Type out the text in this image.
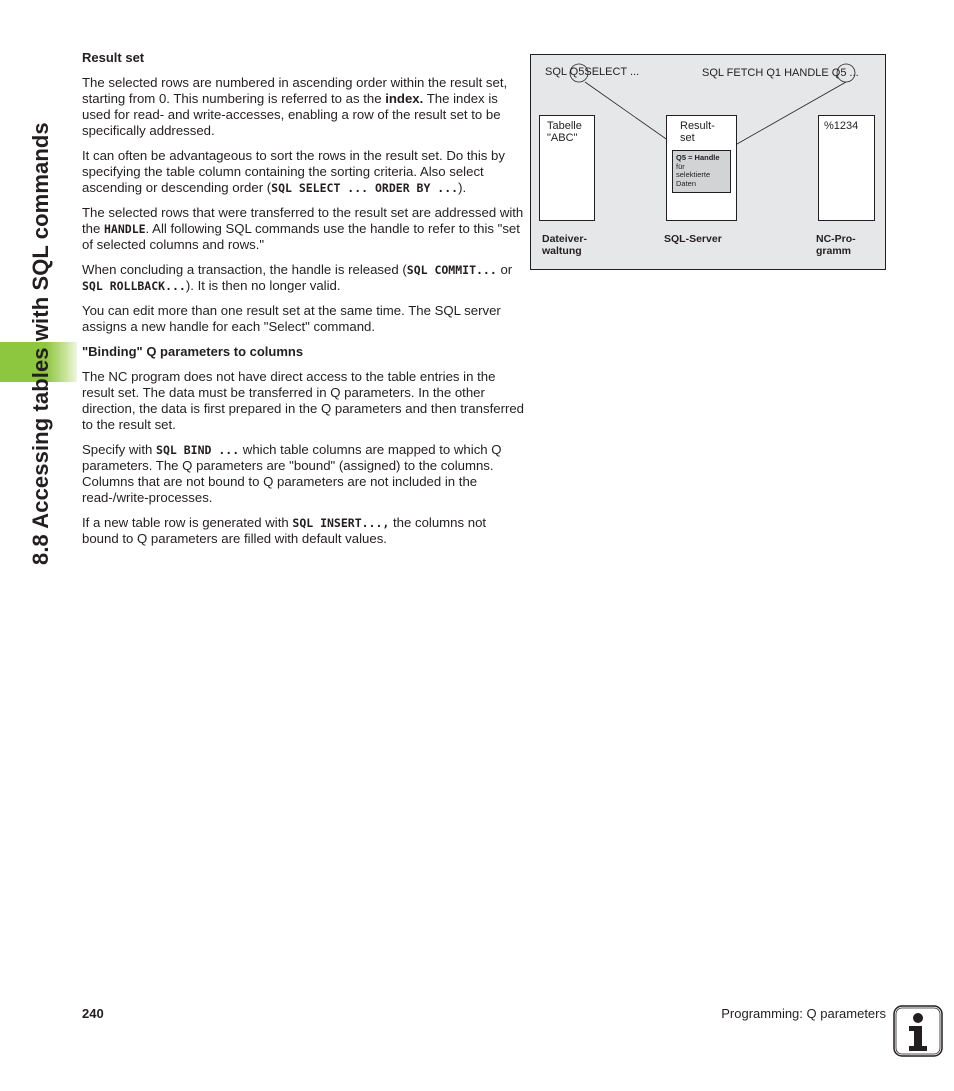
8.8 Accessing tables with SQL commands
Result set

The selected rows are numbered in ascending order within the result set, starting from 0. This numbering is referred to as the index. The index is used for read- and write-accesses, enabling a row of the result set to be specifically addressed.

It can often be advantageous to sort the rows in the result set. Do this by specifying the table column containing the sorting criteria. Also select ascending or descending order (SQL SELECT ... ORDER BY ...).

The selected rows that were transferred to the result set are addressed with the HANDLE. All following SQL commands use the handle to refer to this "set of selected columns and rows."

When concluding a transaction, the handle is released (SQL COMMIT... or SQL ROLLBACK...). It is then no longer valid.

You can edit more than one result set at the same time. The SQL server assigns a new handle for each "Select" command.

"Binding" Q parameters to columns

The NC program does not have direct access to the table entries in the result set. The data must be transferred in Q parameters. In the other direction, the data is first prepared in the Q parameters and then transferred to the result set.

Specify with SQL BIND ... which table columns are mapped to which Q parameters. The Q parameters are "bound" (assigned) to the columns. Columns that are not bound to Q parameters are not included in the read-/write-processes.

If a new table row is generated with SQL INSERT..., the columns not bound to Q parameters are filled with default values.

SQL Q5SELECT ...	SQL FETCH Q1 HANDLE Q5 ...
Tabelle
"ABC"
Result-
set
Q5 = Handle
für
selektierte
Daten
%1234
Dateiver-
waltung
SQL-Server	NC-Pro-
gramm
240	Programming: Q parameters
